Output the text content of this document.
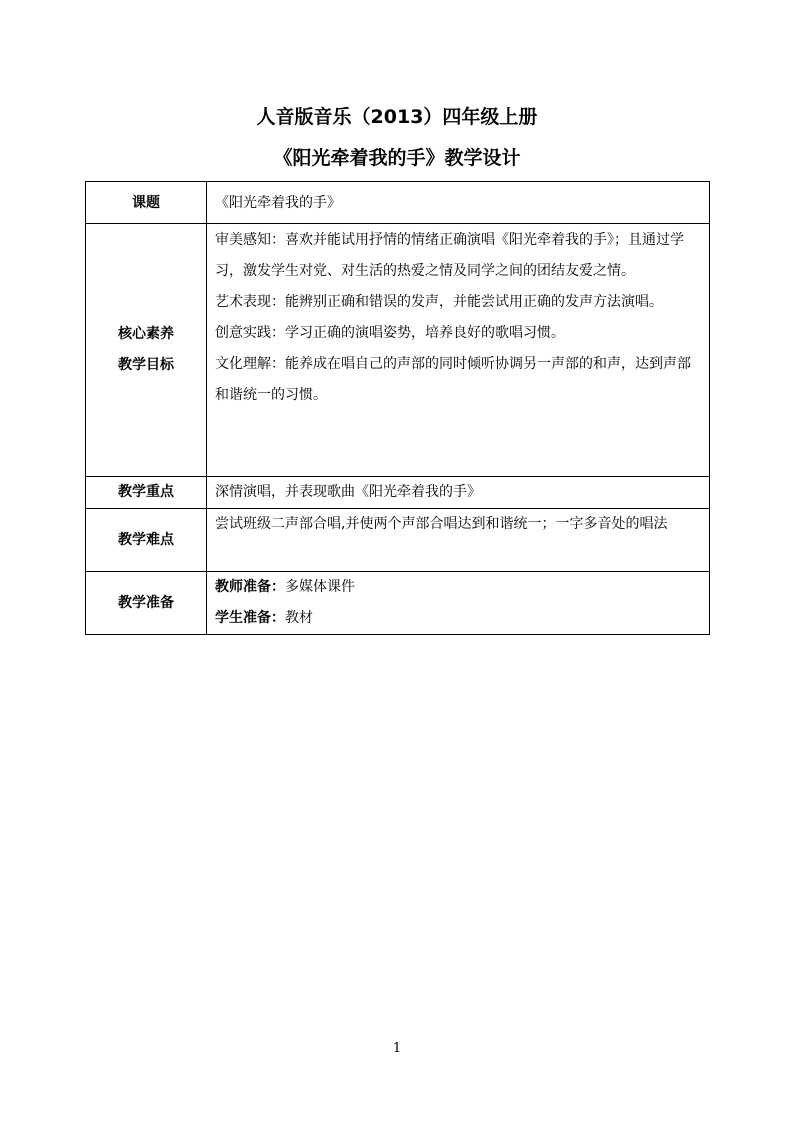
人音版音乐（2013）四年级上册
《阳光牵着我的手》教学设计
课题	《阳光牵着我的手》

核心素养
教学目标	审美感知：喜欢并能试用抒情的情绪正确演唱《阳光牵着我的手》；且通过学习，激发学生对党、对生活的热爱之情及同学之间的团结友爱之情。
艺术表现：能辨别正确和错误的发声，并能尝试用正确的发声方法演唱。
创意实践：学习正确的演唱姿势，培养良好的歌唱习惯。
文化理解：能养成在唱自己的声部的同时倾听协调另一声部的和声，达到声部和谐统一的习惯。

教学重点	深情演唱，并表现歌曲《阳光牵着我的手》
教学难点	尝试班级二声部合唱,并使两个声部合唱达到和谐统一；一字多音处的唱法
教学准备	教师准备：多媒体课件
学生准备：教材
1
